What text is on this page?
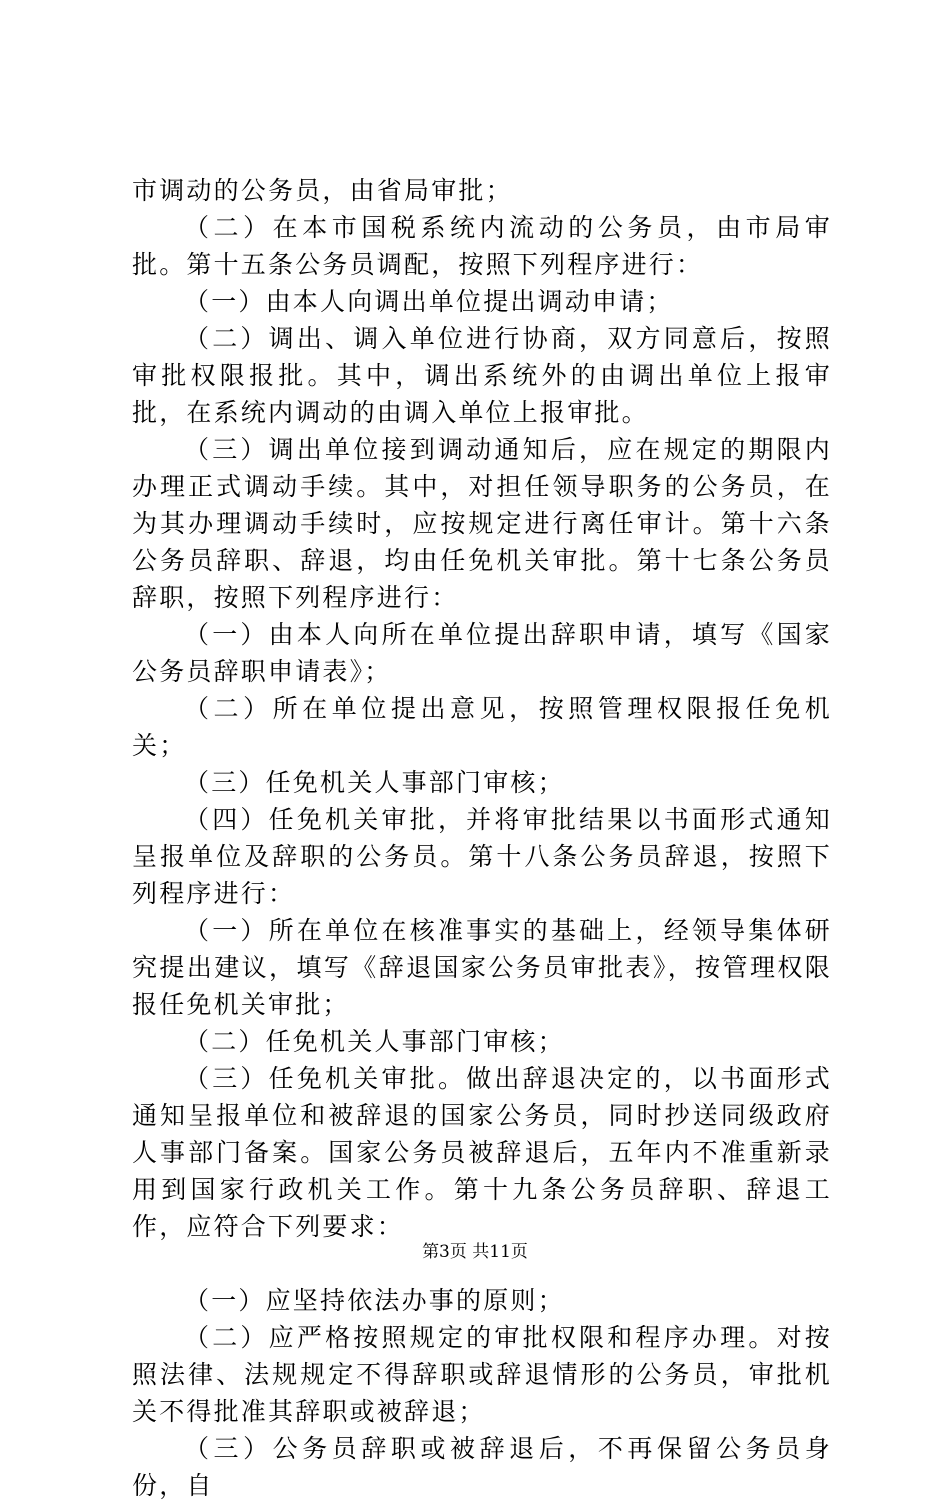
市调动的公务员，由省局审批；

（二）在本市国税系统内流动的公务员，由市局审批。第十五条公务员调配，按照下列程序进行：

（一）由本人向调出单位提出调动申请；

（二）调出、调入单位进行协商，双方同意后，按照审批权限报批。其中，调出系统外的由调出单位上报审批，在系统内调动的由调入单位上报审批。

（三）调出单位接到调动通知后，应在规定的期限内办理正式调动手续。其中，对担任领导职务的公务员，在为其办理调动手续时，应按规定进行离任审计。第十六条公务员辞职、辞退，均由任免机关审批。第十七条公务员辞职，按照下列程序进行：

（一）由本人向所在单位提出辞职申请，填写《国家公务员辞职申请表》；

（二）所在单位提出意见，按照管理权限报任免机关；

（三）任免机关人事部门审核；

（四）任免机关审批，并将审批结果以书面形式通知呈报单位及辞职的公务员。第十八条公务员辞退，按照下列程序进行：

（一）所在单位在核准事实的基础上，经领导集体研究提出建议，填写《辞退国家公务员审批表》，按管理权限报任免机关审批；

（二）任免机关人事部门审核；

（三）任免机关审批。做出辞退决定的，以书面形式通知呈报单位和被辞退的国家公务员，同时抄送同级政府人事部门备案。国家公务员被辞退后，五年内不准重新录用到国家行政机关工作。第十九条公务员辞职、辞退工作，应符合下列要求：

（一）应坚持依法办事的原则；

（二）应严格按照规定的审批权限和程序办理。对按照法律、法规规定不得辞职或辞退情形的公务员，审批机关不得批准其辞职或被辞退；

（三）公务员辞职或被辞退后，不再保留公务员身份，自

第3页 共11页
